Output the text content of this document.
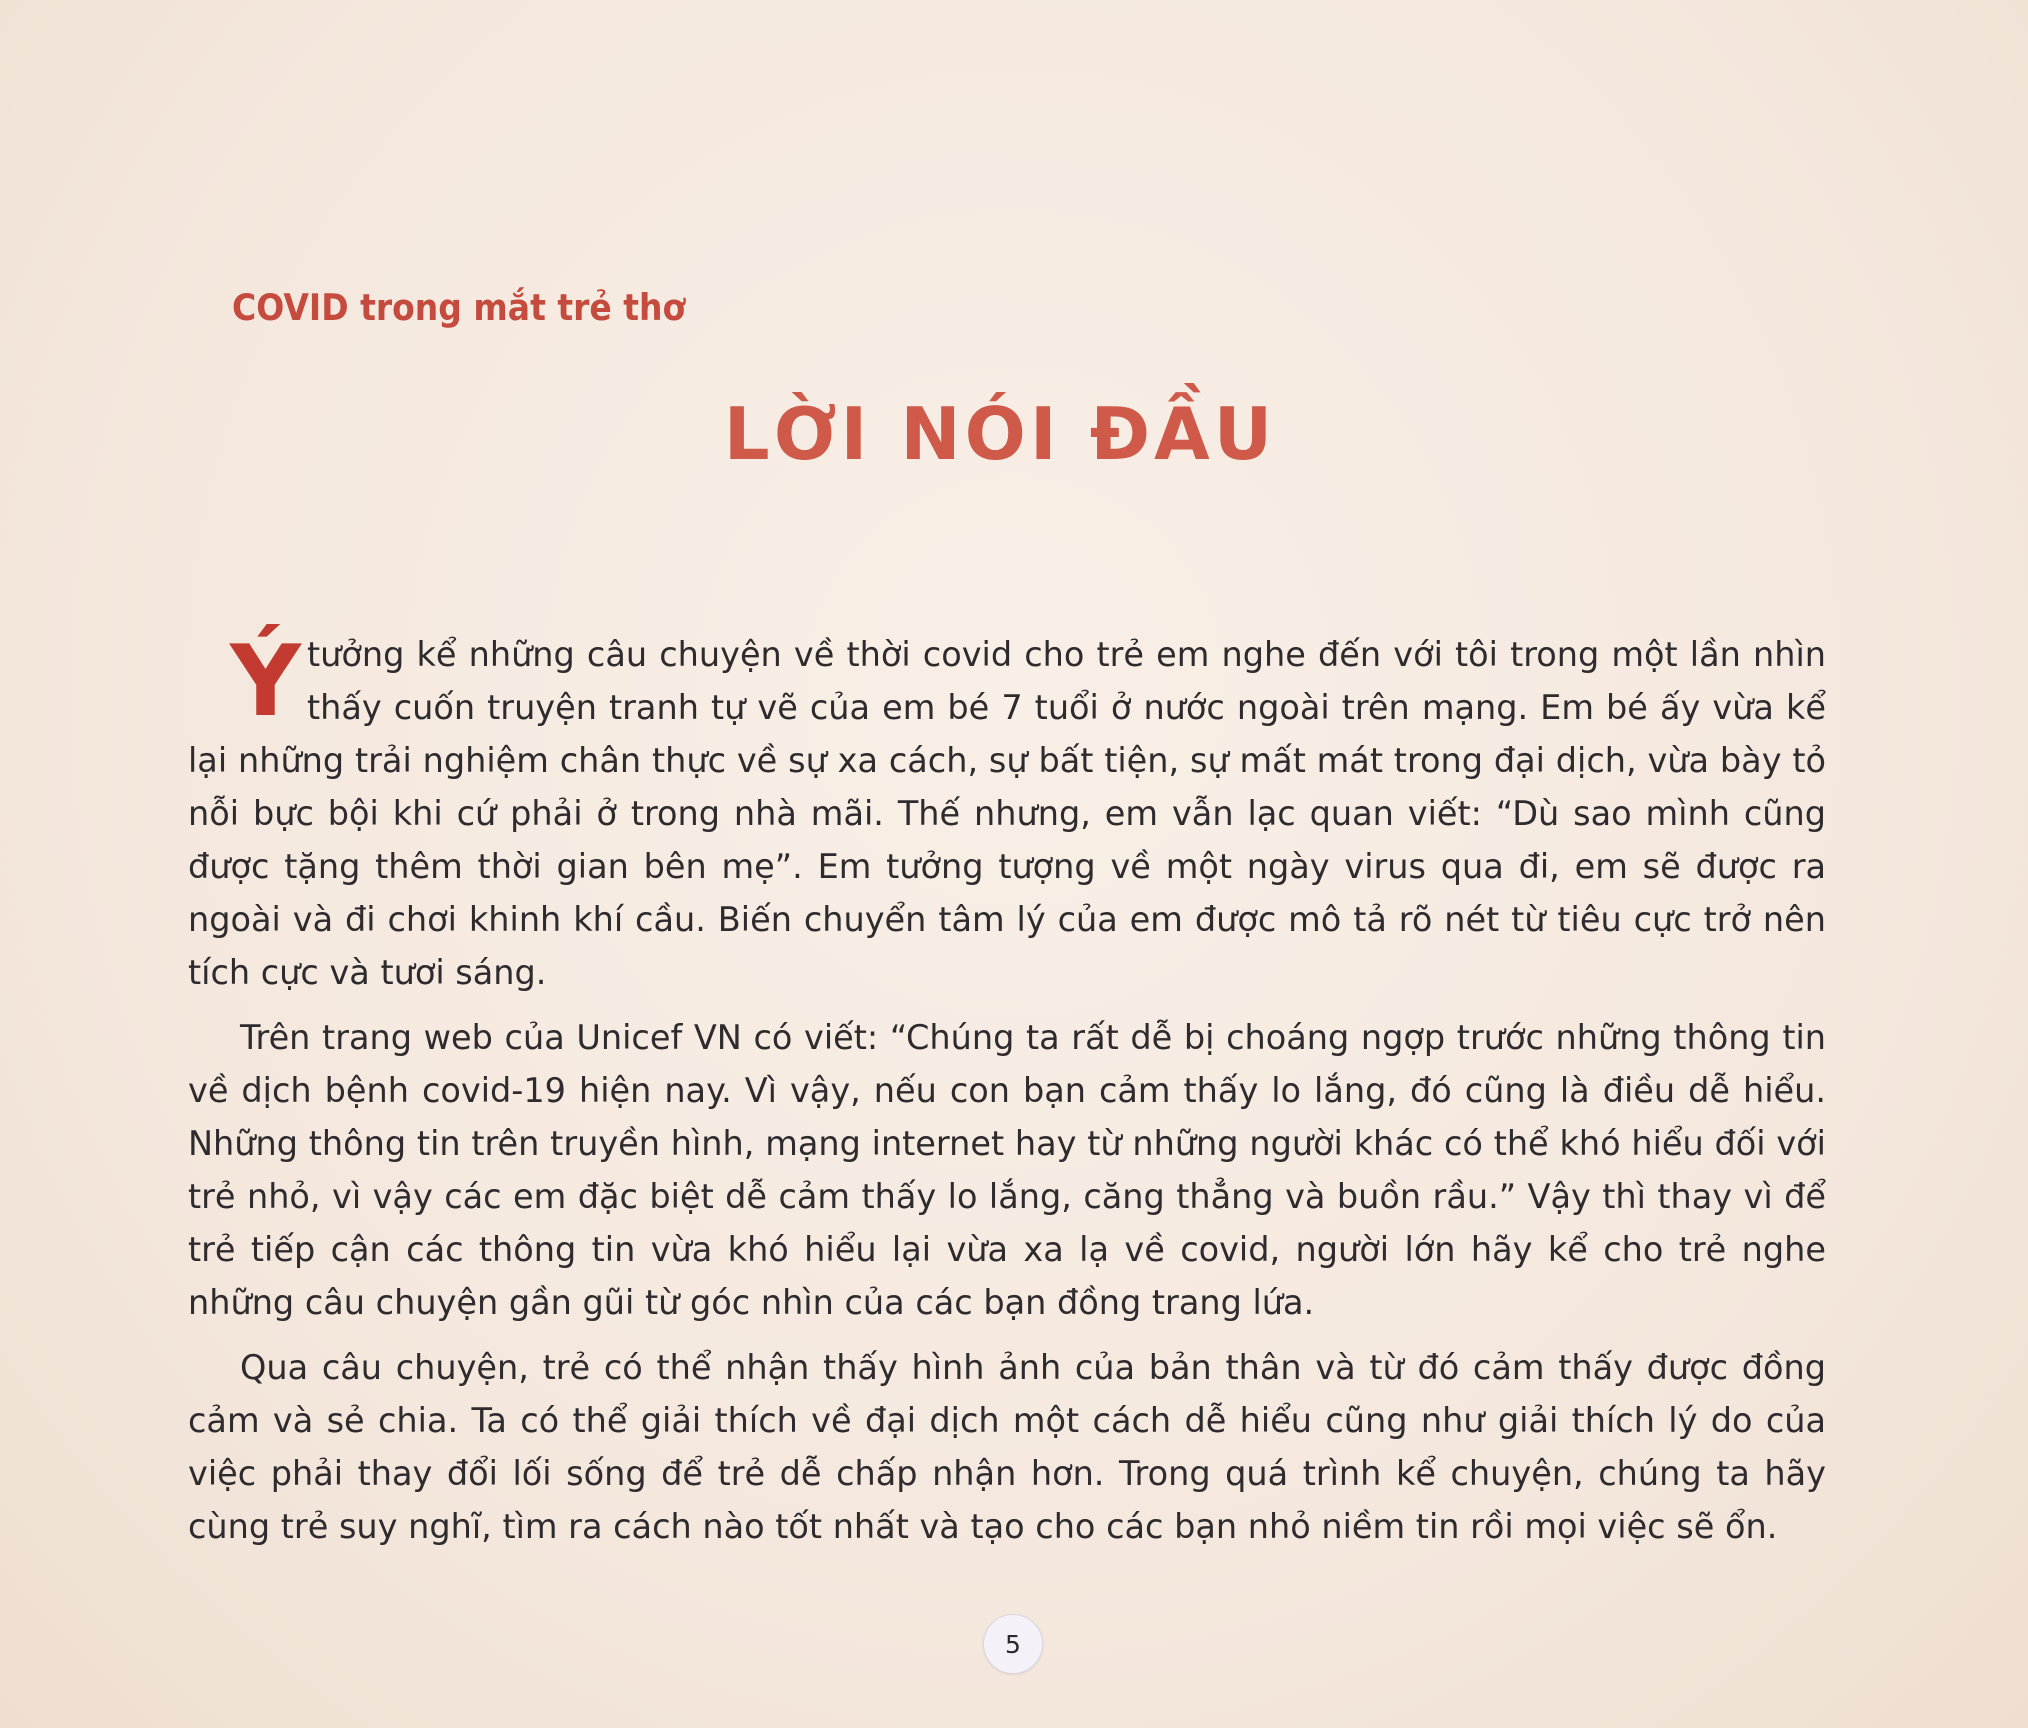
COVID trong mắt trẻ thơ
LỜI NÓI ĐẦU

Ýtưởng kể những câu chuyện về thời covid cho trẻ em nghe đến với tôi trong một lần nhìn thấy cuốn truyện tranh tự vẽ của em bé 7 tuổi ở nước ngoài trên mạng. Em bé ấy vừa kể lại những trải nghiệm chân thực về sự xa cách, sự bất tiện, sự mất mát trong đại dịch, vừa bày tỏ nỗi bực bội khi cứ phải ở trong nhà mãi. Thế nhưng, em vẫn lạc quan viết: “Dù sao mình cũng được tặng thêm thời gian bên mẹ”. Em tưởng tượng về một ngày virus qua đi, em sẽ được ra ngoài và đi chơi khinh khí cầu. Biến chuyển tâm lý của em được mô tả rõ nét từ tiêu cực trở nên tích cực và tươi sáng.

Trên trang web của Unicef VN có viết: “Chúng ta rất dễ bị choáng ngợp trước những thông tin về dịch bệnh covid-19 hiện nay. Vì vậy, nếu con bạn cảm thấy lo lắng, đó cũng là điều dễ hiểu. Những thông tin trên truyền hình, mạng internet hay từ những người khác có thể khó hiểu đối với trẻ nhỏ, vì vậy các em đặc biệt dễ cảm thấy lo lắng, căng thẳng và buồn rầu.” Vậy thì thay vì để trẻ tiếp cận các thông tin vừa khó hiểu lại vừa xa lạ về covid, người lớn hãy kể cho trẻ nghe những câu chuyện gần gũi từ góc nhìn của các bạn đồng trang lứa.

Qua câu chuyện, trẻ có thể nhận thấy hình ảnh của bản thân và từ đó cảm thấy được đồng cảm và sẻ chia. Ta có thể giải thích về đại dịch một cách dễ hiểu cũng như giải thích lý do của việc phải thay đổi lối sống để trẻ dễ chấp nhận hơn. Trong quá trình kể chuyện, chúng ta hãy cùng trẻ suy nghĩ, tìm ra cách nào tốt nhất và tạo cho các bạn nhỏ niềm tin rồi mọi việc sẽ ổn.

5
